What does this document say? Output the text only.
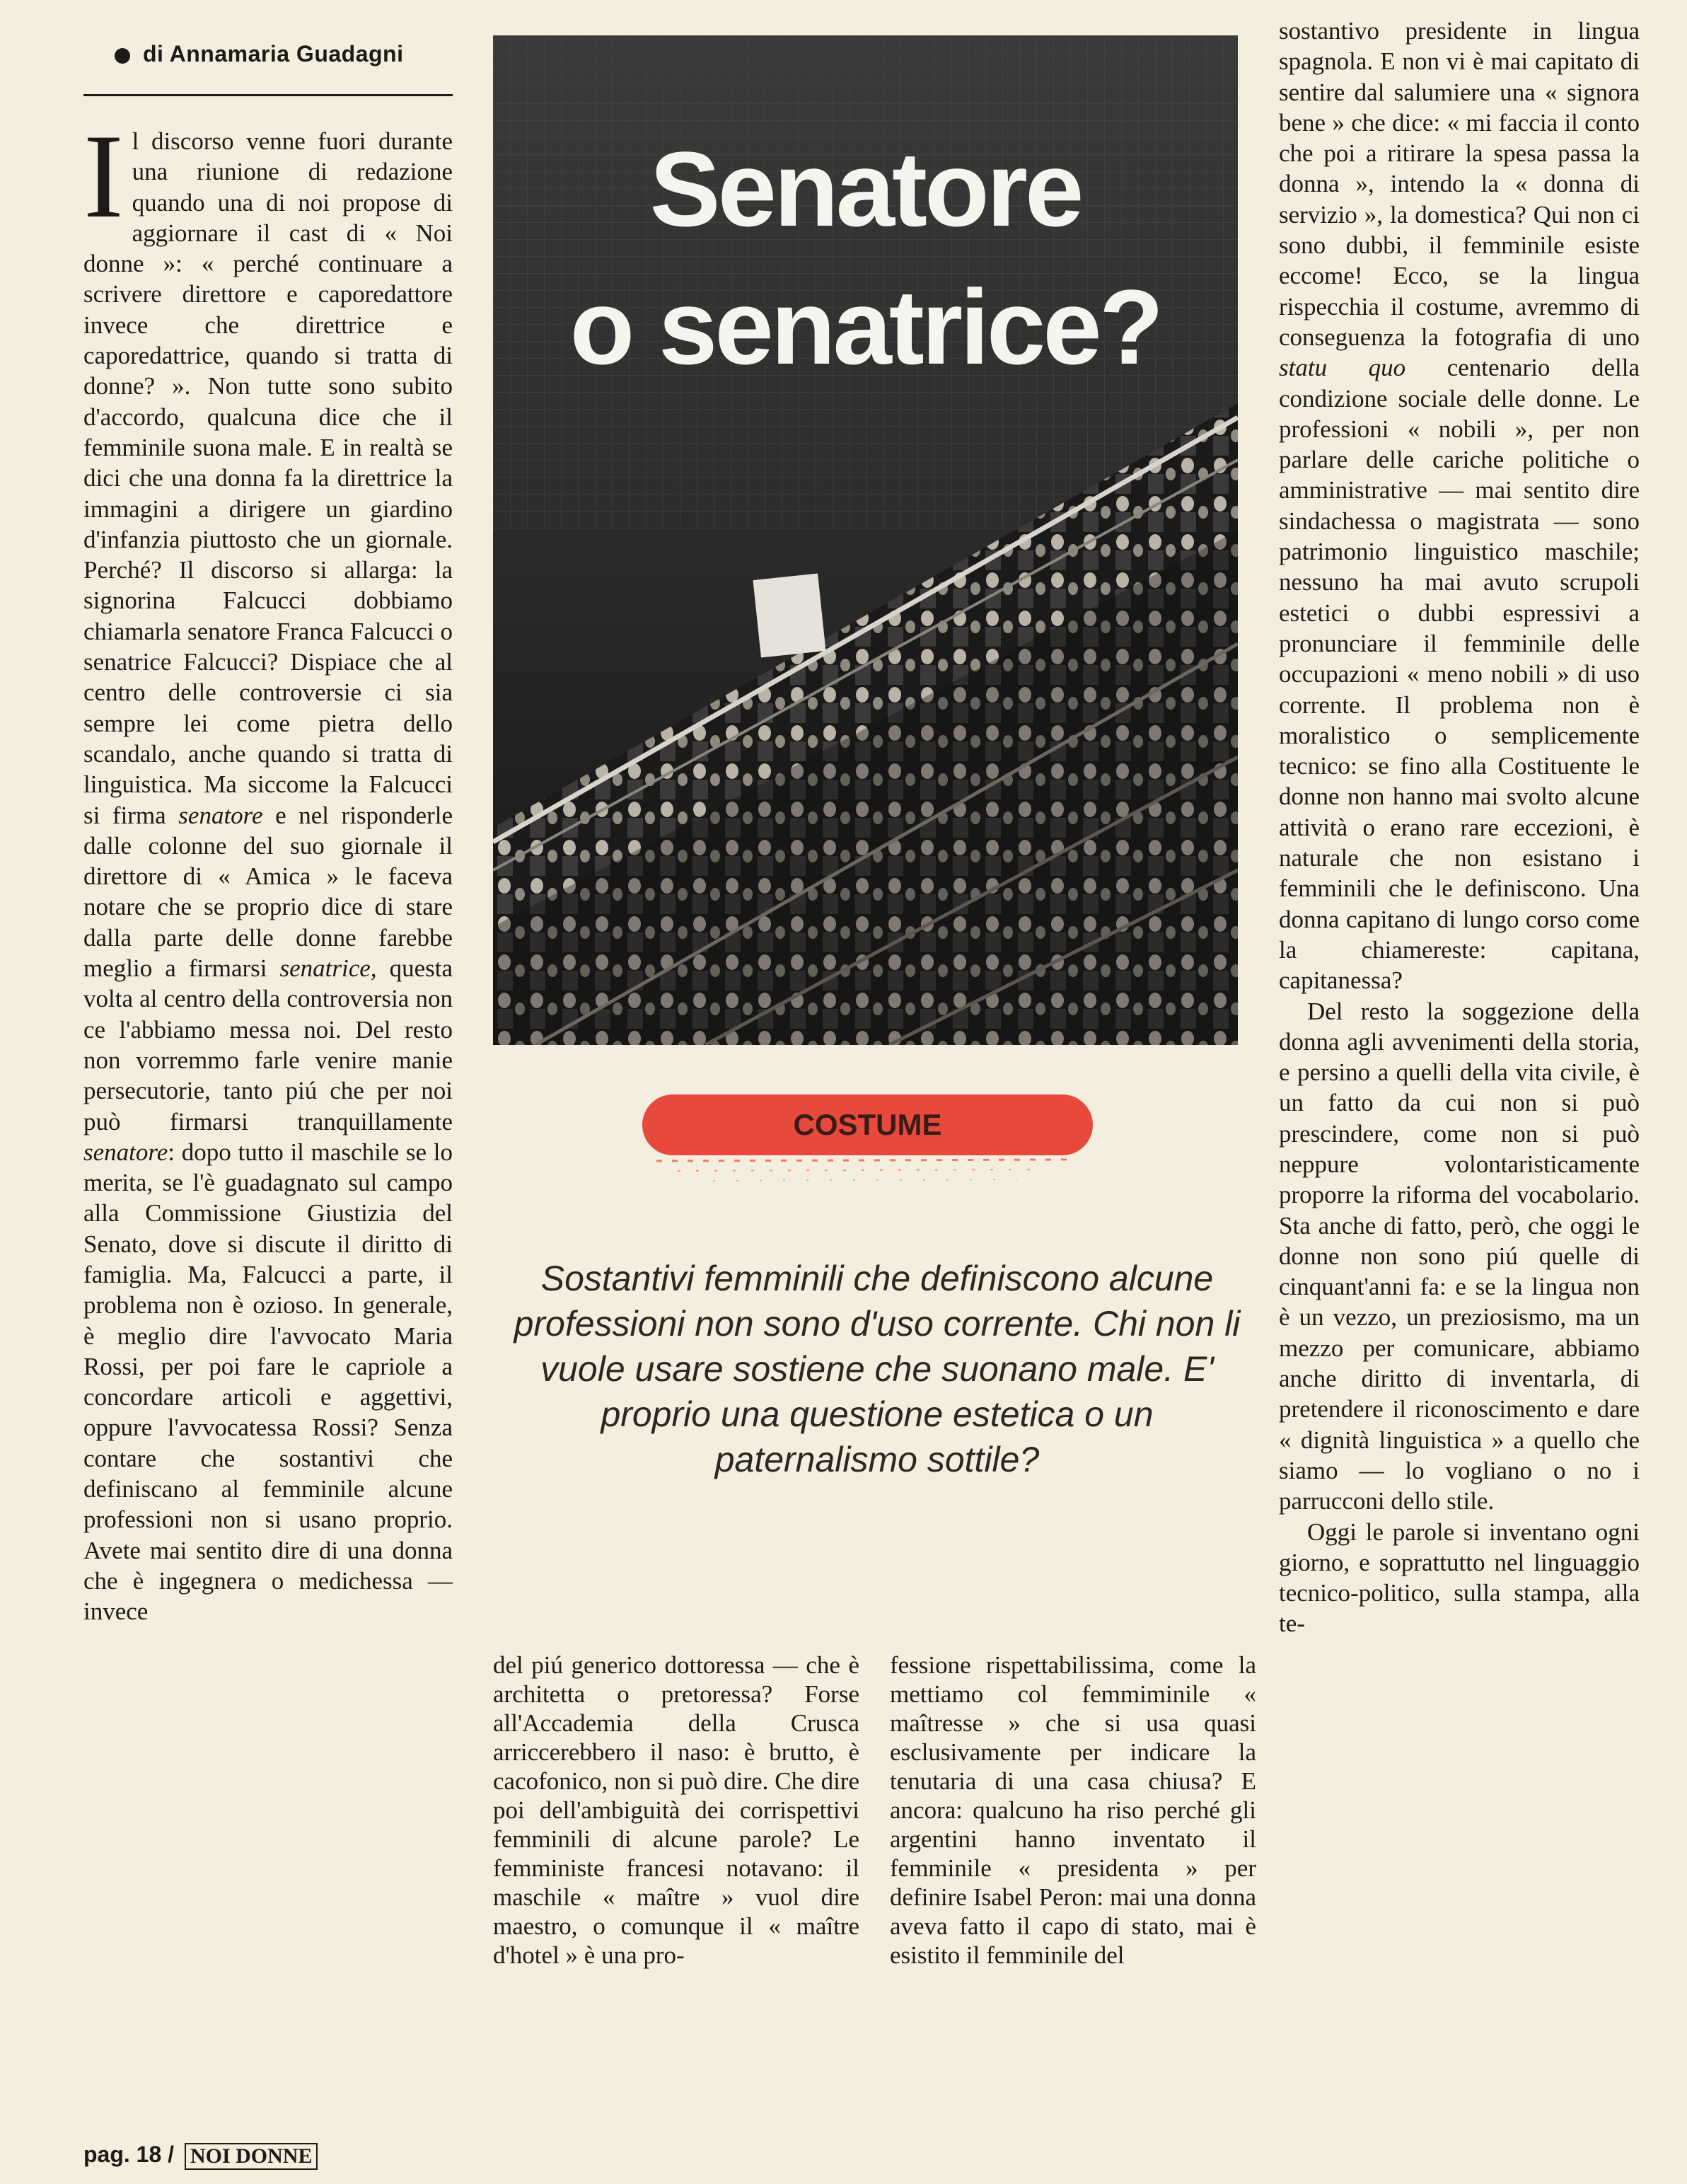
di Annamaria Guadagni

Il discorso venne fuori durante una riunione di redazione quando una di noi propose di aggiornare il cast di « Noi donne »: « perché continuare a scrivere direttore e caporedattore invece che direttrice e caporedattrice, quando si tratta di donne? ». Non tutte sono subito d'accordo, qualcuna dice che il femminile suona male. E in realtà se dici che una donna fa la direttrice la immagini a dirigere un giardino d'infanzia piuttosto che un giornale. Perché? Il discorso si allarga: la signorina Falcucci dobbiamo chiamarla senatore Franca Falcucci o senatrice Falcucci? Dispiace che al centro delle controversie ci sia sempre lei come pietra dello scandalo, anche quando si tratta di linguistica. Ma siccome la Falcucci si firma senatore e nel risponderle dalle colonne del suo giornale il direttore di « Amica » le faceva notare che se proprio dice di stare dalla parte delle donne farebbe meglio a firmarsi senatrice, questa volta al centro della controversia non ce l'abbiamo messa noi. Del resto non vorremmo farle venire manie persecutorie, tanto piú che per noi può firmarsi tranquillamente senatore: dopo tutto il maschile se lo merita, se l'è guadagnato sul campo alla Commissione Giustizia del Senato, dove si discute il diritto di famiglia. Ma, Falcucci a parte, il problema non è ozioso. In generale, è meglio dire l'avvocato Maria Rossi, per poi fare le capriole a concordare articoli e aggettivi, oppure l'avvocatessa Rossi? Senza contare che sostantivi che definiscano al femminile alcune professioni non si usano proprio. Avete mai sentito dire di una donna che è ingegnera o medichessa — invece

Senatore
o senatrice?
COSTUME
Sostantivi femminili che definiscono alcune professioni non sono d'uso corrente. Chi non li vuole usare sostiene che suonano male. E' proprio una questione estetica o un paternalismo sottile?

del piú generico dottoressa — che è architetta o pretoressa? Forse all'Accademia della Crusca arriccerebbero il naso: è brutto, è cacofonico, non si può dire. Che dire poi dell'ambiguità dei corrispettivi femminili di alcune parole? Le femministe francesi notavano: il maschile « maître » vuol dire maestro, o comunque il « maître d'hotel » è una pro-

fessione rispettabilissima, come la mettiamo col femmiminile « maîtresse » che si usa quasi esclusivamente per indicare la tenutaria di una casa chiusa? E ancora: qualcuno ha riso perché gli argentini hanno inventato il femminile « presidenta » per definire Isabel Peron: mai una donna aveva fatto il capo di stato, mai è esistito il femminile del

sostantivo presidente in lingua spagnola. E non vi è mai capitato di sentire dal salumiere una « signora bene » che dice: « mi faccia il conto che poi a ritirare la spesa passa la donna », intendo la « donna di servizio », la domestica? Qui non ci sono dubbi, il femminile esiste eccome! Ecco, se la lingua rispecchia il costume, avremmo di conseguenza la fotografia di uno statu quo centenario della condizione sociale delle donne. Le professioni « nobili », per non parlare delle cariche politiche o amministrative — mai sentito dire sindachessa o magistrata — sono patrimonio linguistico maschile; nessuno ha mai avuto scrupoli estetici o dubbi espressivi a pronunciare il femminile delle occupazioni « meno nobili » di uso corrente. Il problema non è moralistico o semplicemente tecnico: se fino alla Costituente le donne non hanno mai svolto alcune attività o erano rare eccezioni, è naturale che non esistano i femminili che le definiscono. Una donna capitano di lungo corso come la chiamereste: capitana, capitanessa?

Del resto la soggezione della donna agli avvenimenti della storia, e persino a quelli della vita civile, è un fatto da cui non si può prescindere, come non si può neppure volontaristicamente proporre la riforma del vocabolario. Sta anche di fatto, però, che oggi le donne non sono piú quelle di cinquant'anni fa: e se la lingua non è un vezzo, un preziosismo, ma un mezzo per comunicare, abbiamo anche diritto di inventarla, di pretendere il riconoscimento e dare « dignità linguistica » a quello che siamo — lo vogliano o no i parrucconi dello stile.

Oggi le parole si inventano ogni giorno, e soprattutto nel linguaggio tecnico-politico, sulla stampa, alla te-

pag. 18 / NOI DONNE
